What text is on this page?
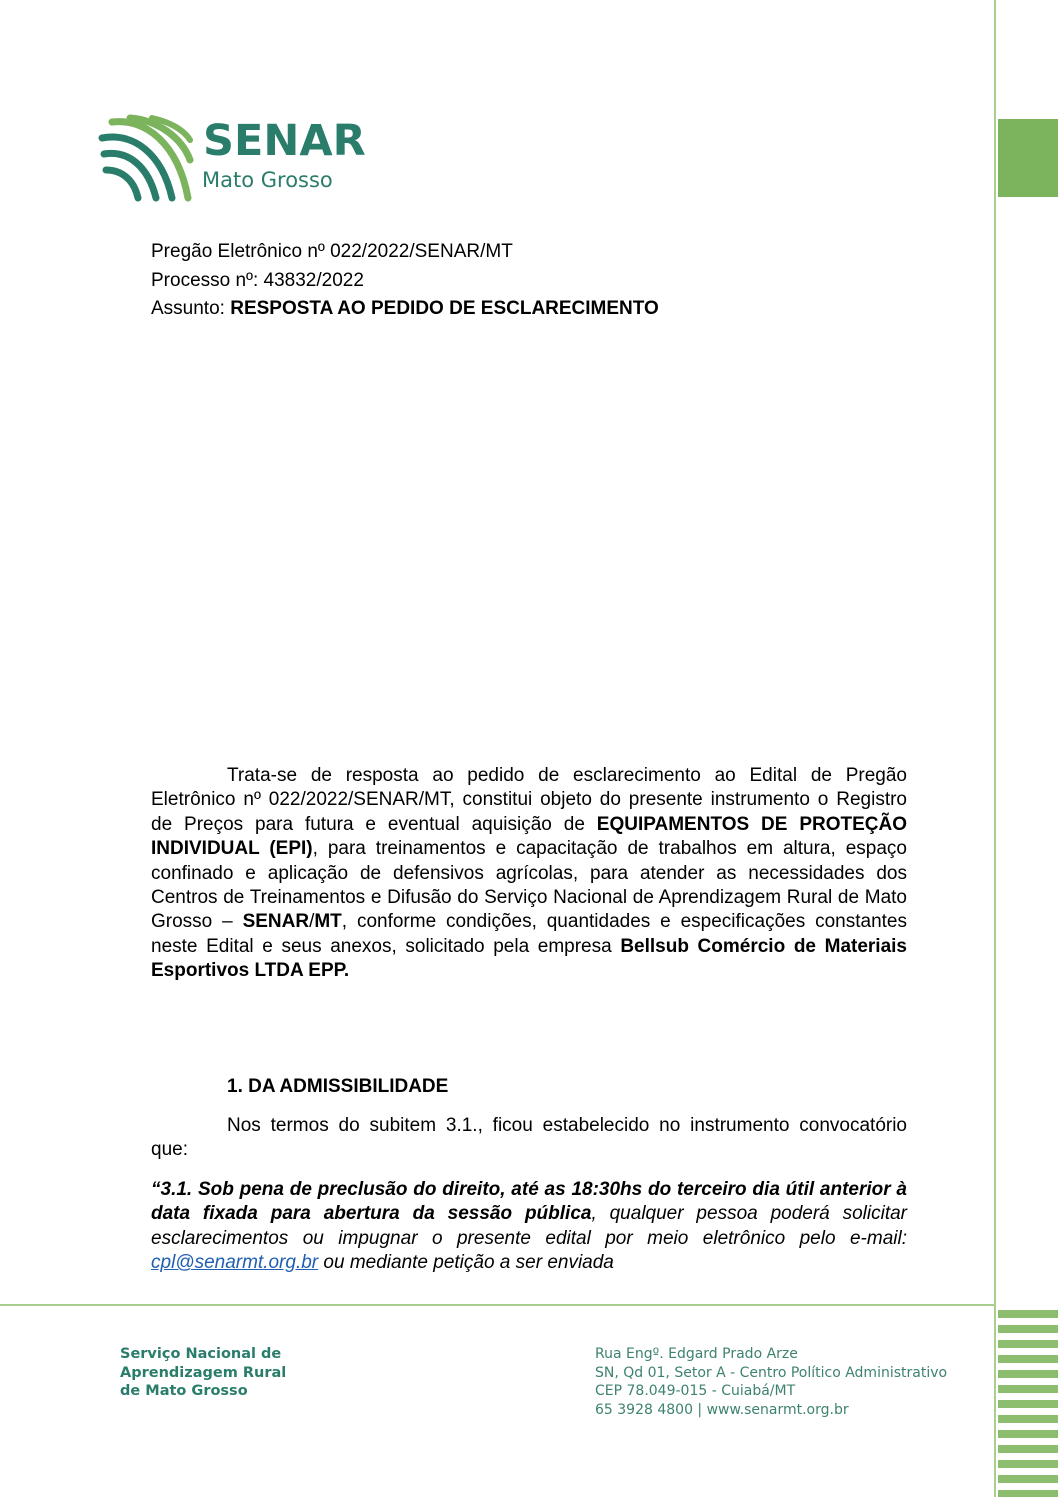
SENAR
Mato Grosso
Pregão Eletrônico nº 022/2022/SENAR/MT
Processo nº: 43832/2022
Assunto: RESPOSTA AO PEDIDO DE ESCLARECIMENTO
Trata-se de resposta ao pedido de esclarecimento ao Edital de Pregão Eletrônico nº 022/2022/SENAR/MT, constitui objeto do presente instrumento o Registro de Preços para futura e eventual aquisição de EQUIPAMENTOS DE PROTEÇÃO INDIVIDUAL (EPI), para treinamentos e capacitação de trabalhos em altura, espaço confinado e aplicação de defensivos agrícolas, para atender as necessidades dos Centros de Treinamentos e Difusão do Serviço Nacional de Aprendizagem Rural de Mato Grosso – SENAR/MT, conforme condições, quantidades e especificações constantes neste Edital e seus anexos, solicitado pela empresa Bellsub Comércio de Materiais Esportivos LTDA EPP.
1. DA ADMISSIBILIDADE
Nos termos do subitem 3.1., ficou estabelecido no instrumento convocatório que:
“3.1. Sob pena de preclusão do direito, até as 18:30hs do terceiro dia útil anterior à data fixada para abertura da sessão pública, qualquer pessoa poderá solicitar esclarecimentos ou impugnar o presente edital por meio eletrônico pelo e-mail: cpl@senarmt.org.br ou mediante petição a ser enviada
Serviço Nacional de
Aprendizagem Rural
de Mato Grosso
Rua Engº. Edgard Prado Arze
SN, Qd 01, Setor A - Centro Político Administrativo
CEP 78.049-015 - Cuiabá/MT
65 3928 4800 | www.senarmt.org.br
